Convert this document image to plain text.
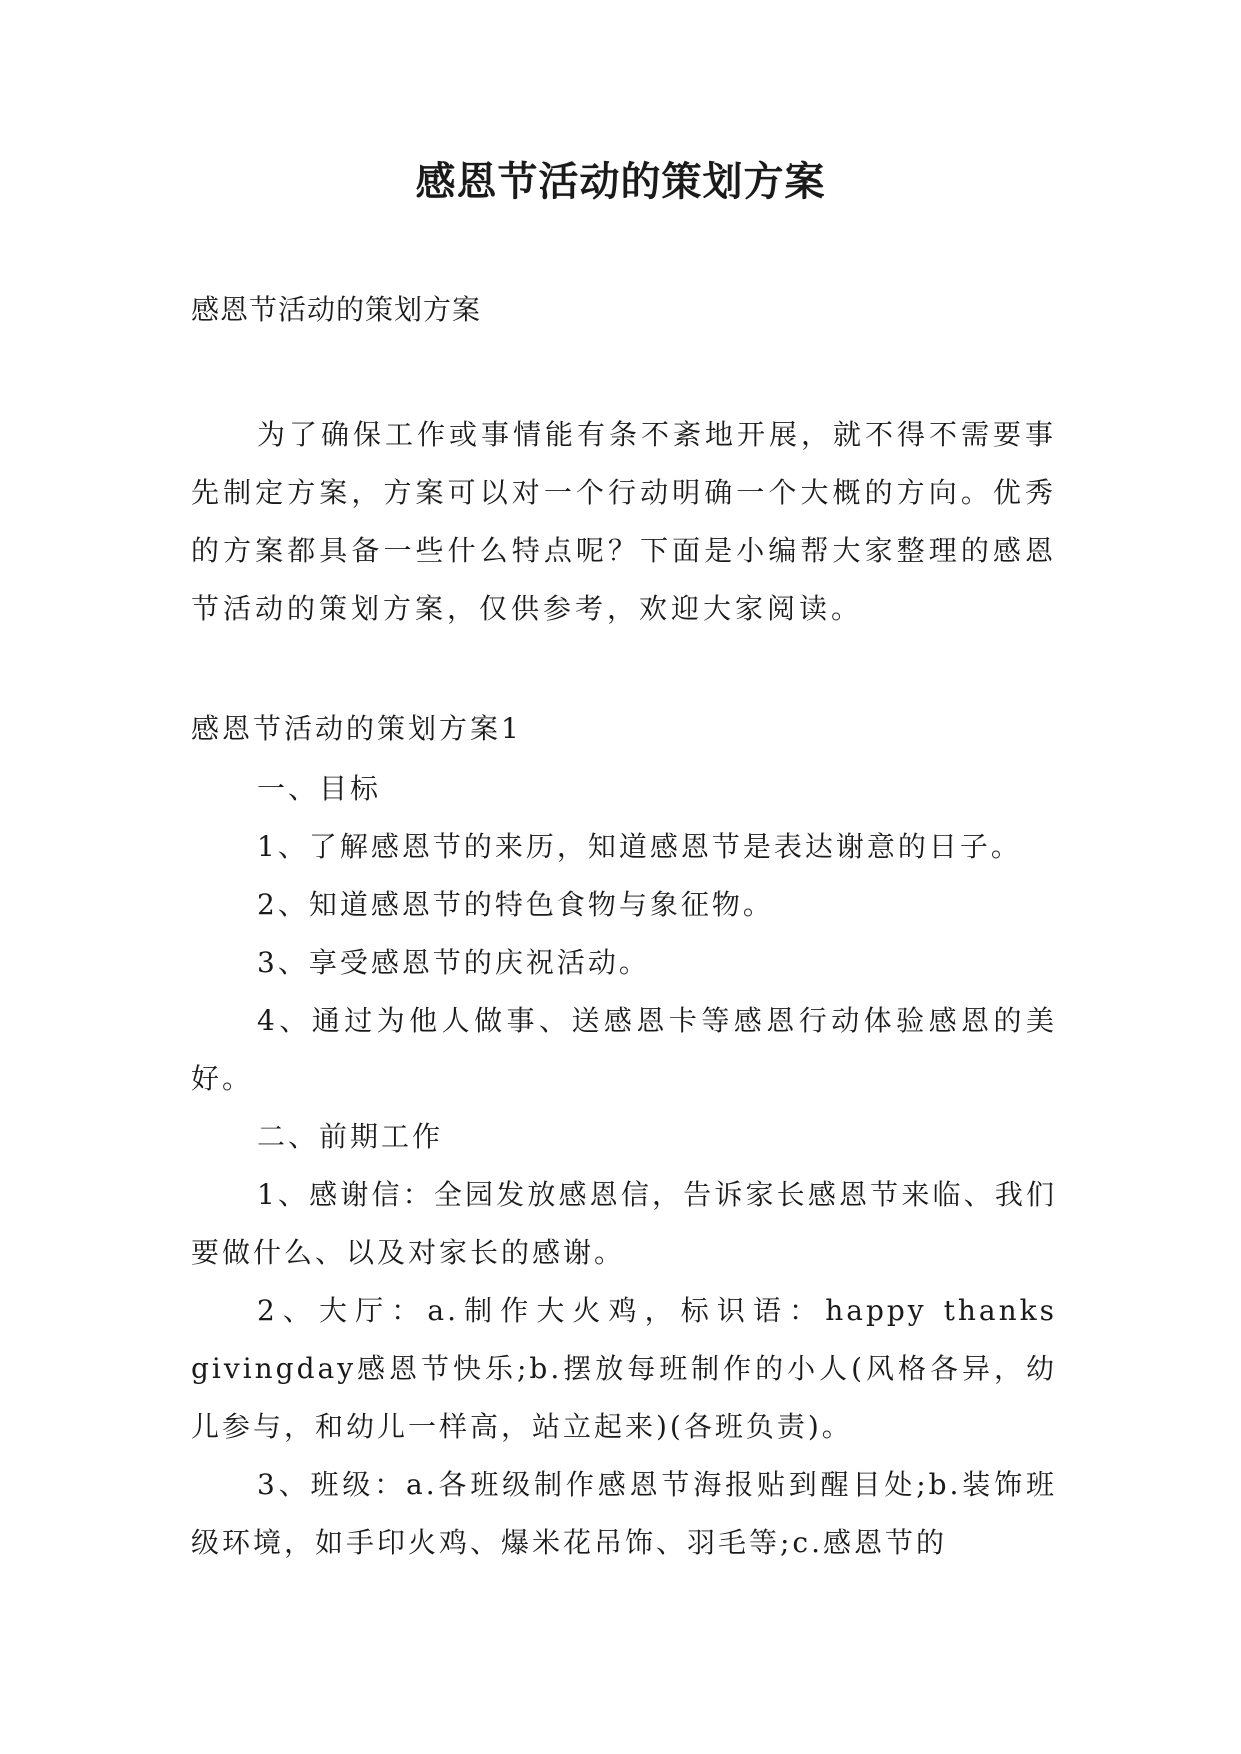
感恩节活动的策划方案

感恩节活动的策划方案

为了确保工作或事情能有条不紊地开展，就不得不需要事先制定方案，方案可以对一个行动明确一个大概的方向。优秀的方案都具备一些什么特点呢？下面是小编帮大家整理的感恩节活动的策划方案，仅供参考，欢迎大家阅读。

感恩节活动的策划方案1

一、目标

1、了解感恩节的来历，知道感恩节是表达谢意的日子。

2、知道感恩节的特色食物与象征物。

3、享受感恩节的庆祝活动。

4、通过为他人做事、送感恩卡等感恩行动体验感恩的美好。

二、前期工作

1、感谢信：全园发放感恩信，告诉家长感恩节来临、我们要做什么、以及对家长的感谢。

2、大厅：a.制作大火鸡，标识语：happy thanks givingday感恩节快乐;b.摆放每班制作的小人(风格各异，幼儿参与，和幼儿一样高，站立起来)(各班负责)。

3、班级：a.各班级制作感恩节海报贴到醒目处;b.装饰班级环境，如手印火鸡、爆米花吊饰、羽毛等;c.感恩节的
